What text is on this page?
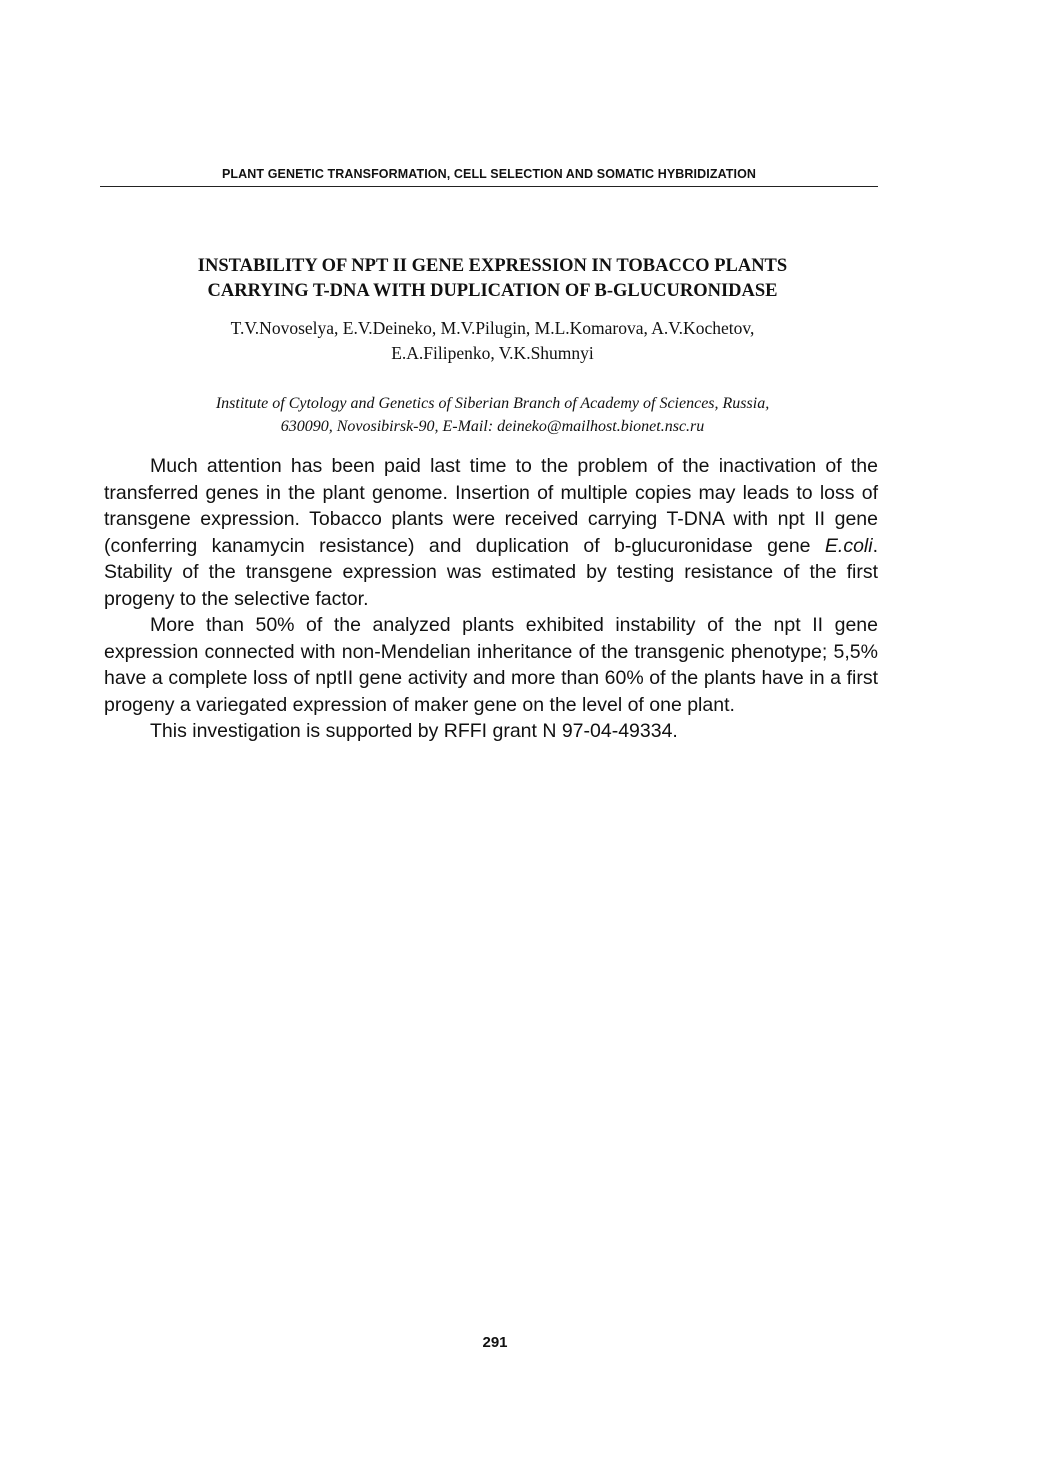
PLANT GENETIC TRANSFORMATION, CELL SELECTION AND SOMATIC HYBRIDIZATION
INSTABILITY OF NPT II GENE EXPRESSION IN TOBACCO PLANTS
CARRYING T-DNA WITH DUPLICATION OF B-GLUCURONIDASE
T.V.Novoselya, E.V.Deineko, M.V.Pilugin, M.L.Komarova, A.V.Kochetov,
E.A.Filipenko, V.K.Shumnyi
Institute of Cytology and Genetics of Siberian Branch of Academy of Sciences, Russia,
630090, Novosibirsk-90, E-Mail: deineko@mailhost.bionet.nsc.ru

Much attention has been paid last time to the problem of the inactivation of the transferred genes in the plant genome. Insertion of multiple copies may leads to loss of transgene expression. Tobacco plants were received carrying T-DNA with npt II gene (conferring kanamycin resistance) and duplication of b-glucuronidase gene E.coli. Stability of the transgene expression was estimated by testing resistance of the first progeny to the selective factor.

More than 50% of the analyzed plants exhibited instability of the npt II gene expression connected with non-Mendelian inheritance of the transgenic phenotype; 5,5% have a complete loss of nptII gene activity and more than 60% of the plants have in a first progeny a variegated expression of maker gene on the level of one plant.

This investigation is supported by RFFI grant N 97-04-49334.

291
